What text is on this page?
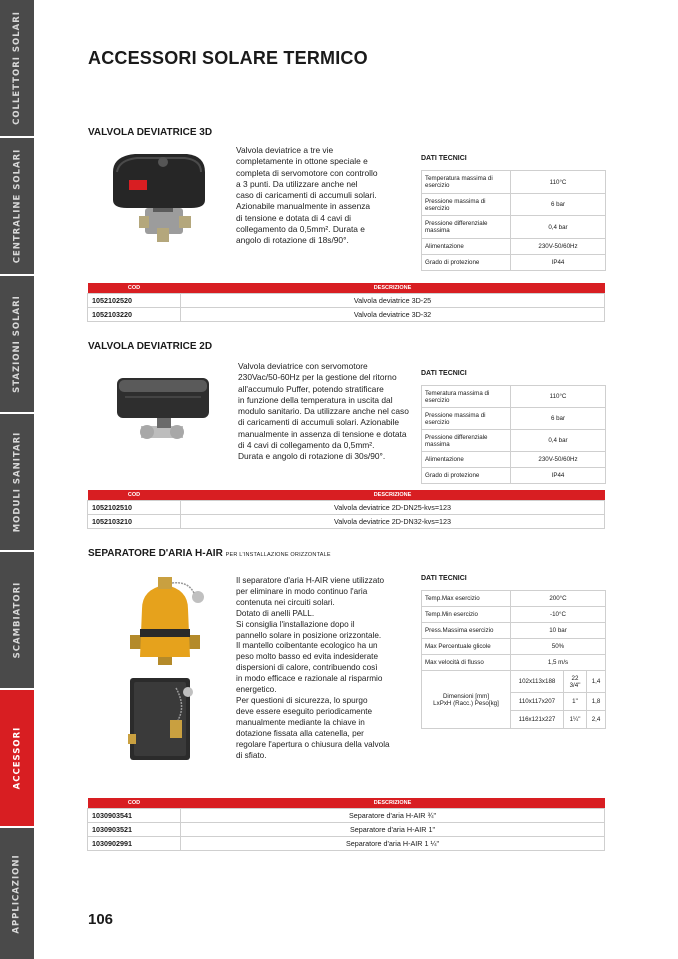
COLLETTORI SOLARI
CENTRALINE SOLARI
STAZIONI SOLARI
MODULI SANITARI
SCAMBIATORI
ACCESSORI
APPLICAZIONI
ACCESSORI SOLARE TERMICO
VALVOLA DEVIATRICE 3D

Valvola deviatrice a tre vie

completamente in ottone speciale e

completa di servomotore con controllo

a 3 punti. Da utilizzare anche nel

caso di caricamenti di accumuli solari.

Azionabile manualmente in assenza

di tensione e dotata di 4 cavi di

collegamento da 0,5mm². Durata e

angolo di rotazione di 18s/90°.

DATI TECNICI
Temperatura massima di esercizio	110°C
Pressione massima di esercizio	6 bar
Pressione differenziale massima	0,4 bar
Alimentazione	230V-50/60Hz
Grado di protezione	IP44
COD	DESCRIZIONE
1052102520	Valvola deviatrice 3D-25
1052103220	Valvola deviatrice 3D-32
VALVOLA DEVIATRICE 2D

Valvola deviatrice con servomotore

230Vac/50-60Hz per la gestione del ritorno

all'accumulo Puffer, potendo stratificare

in funzione della temperatura in uscita dal

modulo sanitario. Da utilizzare anche nel caso

di caricamenti di accumuli solari. Azionabile

manualmente in assenza di tensione e dotata

di 4 cavi di collegamento da 0,5mm².

Durata e angolo di rotazione di 30s/90°.

DATI TECNICI
Temeratura massima di esercizio	110°C
Pressione massima di esercizio	6 bar
Pressione differenziale massima	0,4 bar
Alimentazione	230V-50/60Hz
Grado di protezione	IP44
COD	DESCRIZIONE
1052102510	Valvola deviatrice 2D-DN25-kvs=123
1052103210	Valvola deviatrice 2D-DN32-kvs=123
SEPARATORE D'ARIA H-AIR PER L'INSTALLAZIONE ORIZZONTALE

Il separatore d'aria H-AIR viene utilizzato

per eliminare in modo continuo l'aria

contenuta nei circuiti solari.

Dotato di anelli PALL.

Si consiglia l'installazione dopo il

pannello solare in posizione orizzontale.

Il mantello coibentante ecologico ha un

peso molto basso ed evita indesiderate

dispersioni di calore, contribuendo così

in modo efficace e razionale al risparmio

energetico.

Per questioni di sicurezza, lo spurgo

deve essere eseguito periodicamente

manualmente mediante la chiave in

dotazione fissata alla catenella, per

regolare l'apertura o chiusura della valvola

di sfiato.

DATI TECNICI
Temp.Max esercizio	200°C		
Temp.Min esercizio	-10°C		
Press.Massima esercizio	10 bar		
Max Percentuale glicole	50%		
Max velocità di flusso	1,5 m/s		

Dimensioni [mm]
LxPxH (Racc.) Peso[kg]	102x113x188	22 3/4"	1,4
	110x117x207	1"	1,8
	116x121x227	1¼"	2,4
COD	DESCRIZIONE
1030903541	Separatore d'aria H-AIR ¾"
1030903521	Separatore d'aria H-AIR 1"
1030902991	Separatore d'aria H-AIR 1 ¼"
106
